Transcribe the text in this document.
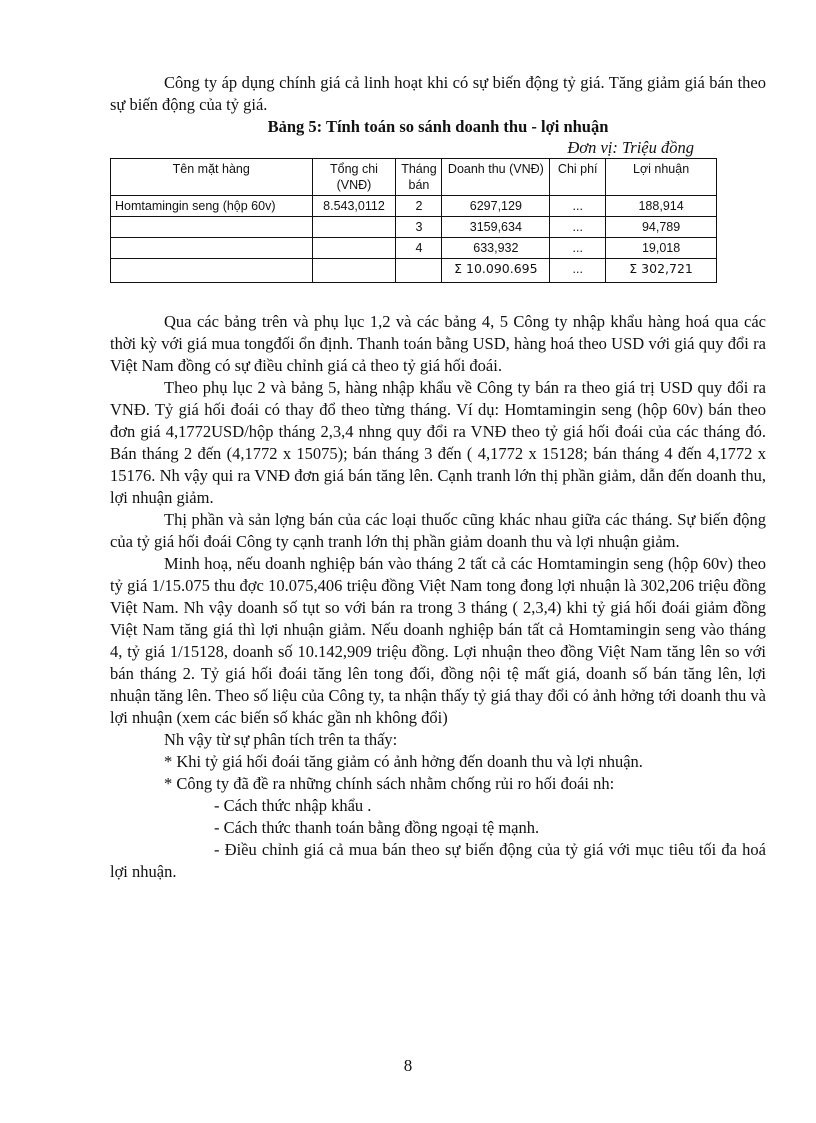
Công ty áp dụng chính giá cả linh hoạt khi có sự biến động tỷ giá. Tăng giảm giá bán theo sự biến động của tỷ giá.

Bảng 5: Tính toán so sánh doanh thu - lợi nhuận
Đơn vị: Triệu đồng
Tên mặt hàng	Tổng chi (VNĐ)	Tháng bán	Doanh thu (VNĐ)	Chi phí	Lợi nhuận
Homtamingin seng (hộp 60v)	8.543,0112	2	6297,129	...	188,914
		3	3159,634	...	94,789
		4	633,932	...	19,018
			Σ 10.090.695	...	Σ 302,721

Qua các bảng trên và phụ lục 1,2 và các bảng 4, 5 Công ty nhập khẩu hàng hoá qua các thời kỳ với giá mua tongđối ổn định. Thanh toán bằng USD, hàng hoá theo USD với giá quy đổi ra Việt Nam đồng có sự điều chỉnh giá cả theo tỷ giá hối đoái.

Theo phụ lục 2 và bảng 5, hàng nhập khẩu về Công ty bán ra theo giá trị USD quy đổi ra VNĐ. Tỷ giá hối đoái có thay đổ theo từng tháng. Ví dụ: Homtamingin seng (hộp 60v) bán theo đơn giá 4,1772USD/hộp tháng 2,3,4 nhng quy đổi ra VNĐ theo tỷ giá hối đoái của các tháng đó. Bán tháng 2 đến (4,1772 x 15075); bán tháng 3 đến ( 4,1772 x 15128; bán tháng 4 đến 4,1772 x 15176. Nh vậy qui ra VNĐ đơn giá bán tăng lên. Cạnh tranh lớn thị phần giảm, dẫn đến doanh thu, lợi nhuận giảm.

Thị phần và sản lợng bán của các loại thuốc cũng khác nhau giữa các tháng. Sự biến động của tỷ giá hối đoái Công ty cạnh tranh lớn thị phần giảm doanh thu và lợi nhuận giảm.

Minh hoạ, nếu doanh nghiệp bán vào tháng 2 tất cả các Homtamingin seng (hộp 60v) theo tỷ giá 1/15.075 thu đợc 10.075,406 triệu đồng Việt Nam tong đong lợi nhuận là 302,206 triệu đồng Việt Nam. Nh vậy doanh số tụt so với bán ra trong 3 tháng ( 2,3,4) khi tỷ giá hối đoái giảm đồng Việt Nam tăng giá thì lợi nhuận giảm. Nếu doanh nghiệp bán tất cả Homtamingin seng vào tháng 4, tỷ giá 1/15128, doanh số 10.142,909 triệu đồng. Lợi nhuận theo đồng Việt Nam tăng lên so với bán tháng 2. Tỷ giá hối đoái tăng lên tong đối, đồng nội tệ mất giá, doanh số bán tăng lên, lợi nhuận tăng lên. Theo số liệu của Công ty, ta nhận thấy tỷ giá thay đổi có ảnh hởng tới doanh thu và lợi nhuận (xem các biến số khác gần nh không đổi)

Nh vậy từ sự phân tích trên ta thấy:

* Khi tỷ giá hối đoái tăng giảm có ảnh hởng đến doanh thu và lợi nhuận.

* Công ty đã đề ra những chính sách nhằm chống rủi ro hối đoái nh:

- Cách thức nhập khẩu .

- Cách thức thanh toán bằng đồng ngoại tệ mạnh.

- Điều chỉnh giá cả mua bán theo sự biến động của tỷ giá với mục tiêu tối đa hoá lợi nhuận.

8
